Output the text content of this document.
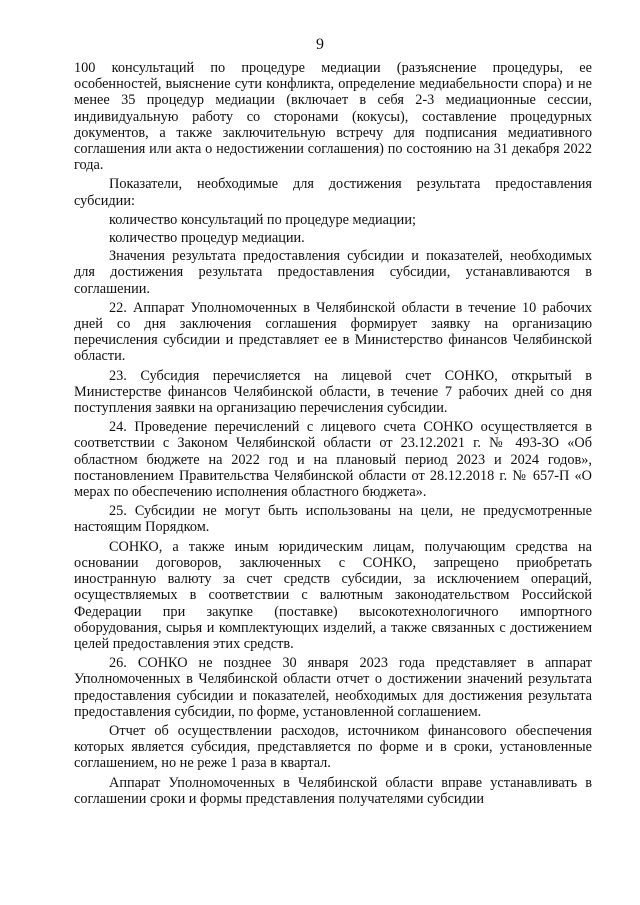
9

100 консультаций по процедуре медиации (разъяснение процедуры, ее особенностей, выяснение сути конфликта, определение медиабельности спора) и не менее 35 процедур медиации (включает в себя 2-3 медиационные сессии, индивидуальную работу со сторонами (кокусы), составление процедурных документов, а также заключительную встречу для подписания медиативного соглашения или акта о недостижении соглашения) по состоянию на 31 декабря 2022 года.

Показатели, необходимые для достижения результата предоставления субсидии:

количество консультаций по процедуре медиации;

количество процедур медиации.

Значения результата предоставления субсидии и показателей, необходимых для достижения результата предоставления субсидии, устанавливаются в соглашении.

22. Аппарат Уполномоченных в Челябинской области в течение 10 рабочих дней со дня заключения соглашения формирует заявку на организацию перечисления субсидии и представляет ее в Министерство финансов Челябинской области.

23. Субсидия перечисляется на лицевой счет СОНКО, открытый в Министерстве финансов Челябинской области, в течение 7 рабочих дней со дня поступления заявки на организацию перечисления субсидии.

24. Проведение перечислений с лицевого счета СОНКО осуществляется в соответствии с Законом Челябинской области от 23.12.2021 г. № 493-ЗО «Об областном бюджете на 2022 год и на плановый период 2023 и 2024 годов», постановлением Правительства Челябинской области от 28.12.2018 г. № 657-П «О мерах по обеспечению исполнения областного бюджета».

25. Субсидии не могут быть использованы на цели, не предусмотренные настоящим Порядком.

СОНКО, а также иным юридическим лицам, получающим средства на основании договоров, заключенных с СОНКО, запрещено приобретать иностранную валюту за счет средств субсидии, за исключением операций, осуществляемых в соответствии с валютным законодательством Российской Федерации при закупке (поставке) высокотехнологичного импортного оборудования, сырья и комплектующих изделий, а также связанных с достижением целей предоставления этих средств.

26. СОНКО не позднее 30 января 2023 года представляет в аппарат Уполномоченных в Челябинской области отчет о достижении значений результата предоставления субсидии и показателей, необходимых для достижения результата предоставления субсидии, по форме, установленной соглашением.

Отчет об осуществлении расходов, источником финансового обеспечения которых является субсидия, представляется по форме и в сроки, установленные соглашением, но не реже 1 раза в квартал.

Аппарат Уполномоченных в Челябинской области вправе устанавливать в соглашении сроки и формы представления получателями субсидии
